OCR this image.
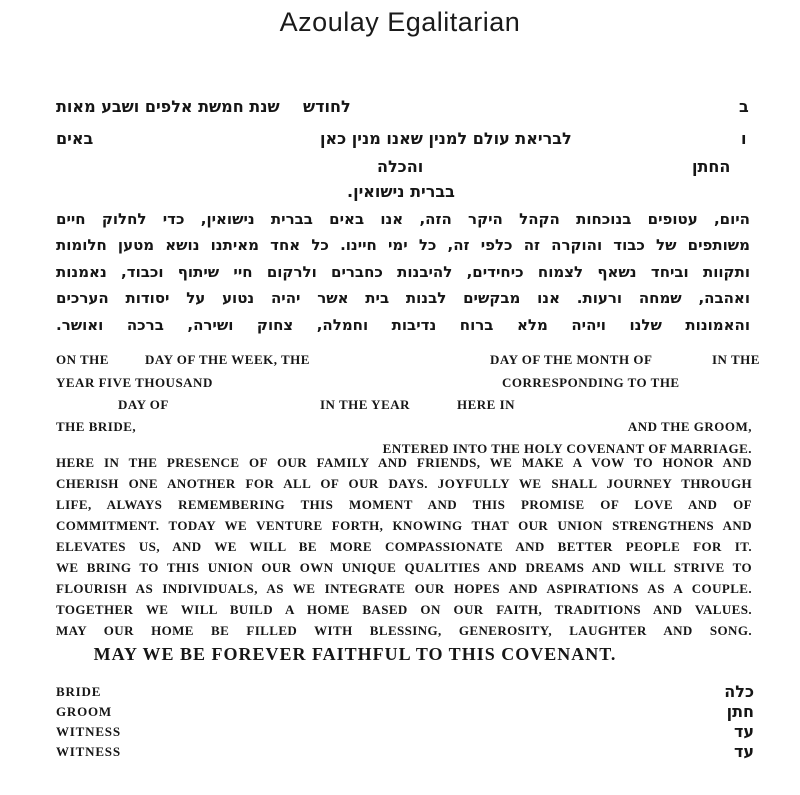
Azoulay Egalitarian
ב
לחודש
שנת חמשת אלפים ושבע מאות
ו
לבריאת עולם למנין שאנו מנין כאן
באים
החתן
והכלה
בברית נישואין.
היום, עטופים בנוכחות הקהל היקר הזה, אנו באים בברית נישואין, כדי לחלוק חיים
משותפים של כבוד והוקרה זה כלפי זה, כל ימי חיינו. כל אחד מאיתנו נושא מטען חלומות
ותקוות וביחד נשאף לצמוח כיחידים, להיבנות כחברים ולרקום חיי שיתוף וכבוד, נאמנות
ואהבה, שמחה ורעות. אנו מבקשים לבנות בית אשר יהיה נטוע על יסודות הערכים
והאמונות שלנו ויהיה מלא ברוח נדיבות וחמלה, צחוק ושירה, ברכה ואושר.
ON THE	DAY OF THE WEEK, THE	DAY OF THE MONTH OF	IN THE
YEAR FIVE THOUSAND	CORRESPONDING TO THE
DAY OF	IN THE YEAR	HERE IN
THE BRIDE,	AND THE GROOM,
ENTERED INTO THE HOLY COVENANT OF MARRIAGE.
HERE IN THE PRESENCE OF OUR FAMILY AND FRIENDS, WE MAKE A VOW TO HONOR AND
CHERISH ONE ANOTHER FOR ALL OF OUR DAYS. JOYFULLY WE SHALL JOURNEY THROUGH
LIFE, ALWAYS REMEMBERING THIS MOMENT AND THIS PROMISE OF LOVE AND OF
COMMITMENT. TODAY WE VENTURE FORTH, KNOWING THAT OUR UNION STRENGTHENS AND
ELEVATES US, AND WE WILL BE MORE COMPASSIONATE AND BETTER PEOPLE FOR IT.
WE BRING TO THIS UNION OUR OWN UNIQUE QUALITIES AND DREAMS AND WILL STRIVE TO
FLOURISH AS INDIVIDUALS, AS WE INTEGRATE OUR HOPES AND ASPIRATIONS AS A COUPLE.
TOGETHER WE WILL BUILD A HOME BASED ON OUR FAITH, TRADITIONS AND VALUES.
MAY OUR HOME BE FILLED WITH BLESSING, GENEROSITY, LAUGHTER AND SONG.
MAY WE BE FOREVER FAITHFUL TO THIS COVENANT.
BRIDE	כלה
GROOM	חתן
WITNESS	עד
WITNESS	עד
